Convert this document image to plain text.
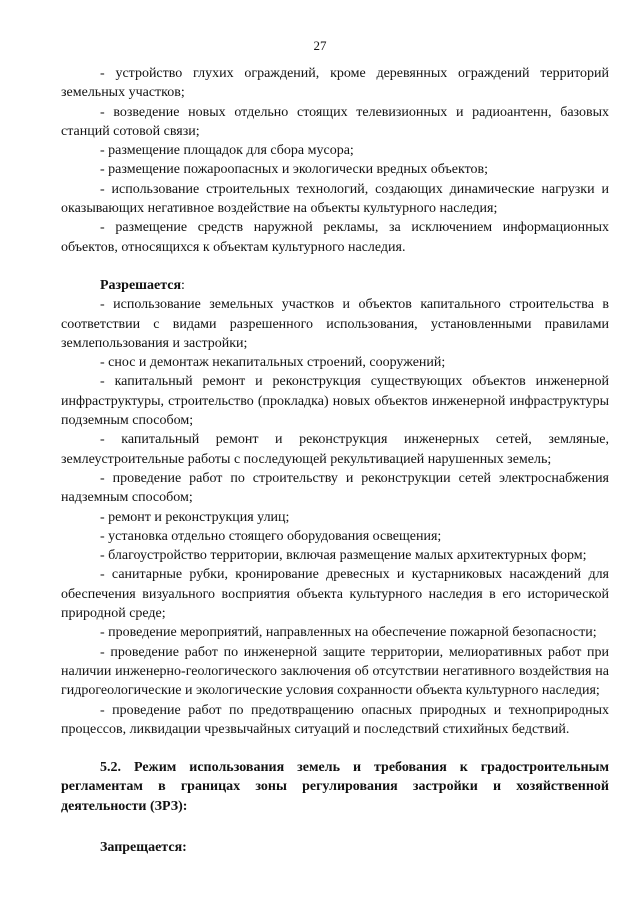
27

- устройство глухих ограждений, кроме деревянных ограждений территорий земельных участков;

- возведение новых отдельно стоящих телевизионных и радиоантенн, базовых станций сотовой связи;

- размещение площадок для сбора мусора;

- размещение пожароопасных и экологически вредных объектов;

- использование строительных технологий, создающих динамические нагрузки и оказывающих негативное воздействие на объекты культурного наследия;

- размещение средств наружной рекламы, за исключением информационных объектов, относящихся к объектам культурного наследия.

Разрешается:

- использование земельных участков и объектов капитального строительства в соответствии с видами разрешенного использования, установленными правилами землепользования и застройки;

- снос и демонтаж некапитальных строений, сооружений;

- капитальный ремонт и реконструкция существующих объектов инженерной инфраструктуры, строительство (прокладка) новых объектов инженерной инфраструктуры подземным способом;

- капитальный ремонт и реконструкция инженерных сетей, земляные, землеустроительные работы с последующей рекультивацией нарушенных земель;

- проведение работ по строительству и реконструкции сетей электроснабжения надземным способом;

- ремонт и реконструкция улиц;

- установка отдельно стоящего оборудования освещения;

- благоустройство территории, включая размещение малых архитектурных форм;

- санитарные рубки, кронирование древесных и кустарниковых насаждений для обеспечения визуального восприятия объекта культурного наследия в его исторической природной среде;

- проведение мероприятий, направленных на обеспечение пожарной безопасности;

- проведение работ по инженерной защите территории, мелиоративных работ при наличии инженерно-геологического заключения об отсутствии негативного воздействия на гидрогеологические и экологические условия сохранности объекта культурного наследия;

- проведение работ по предотвращению опасных природных и техноприродных процессов, ликвидации чрезвычайных ситуаций и последствий стихийных бедствий.

5.2. Режим использования земель и требования к градостроительным регламентам в границах зоны регулирования застройки и хозяйственной деятельности (ЗРЗ):

Запрещается:
